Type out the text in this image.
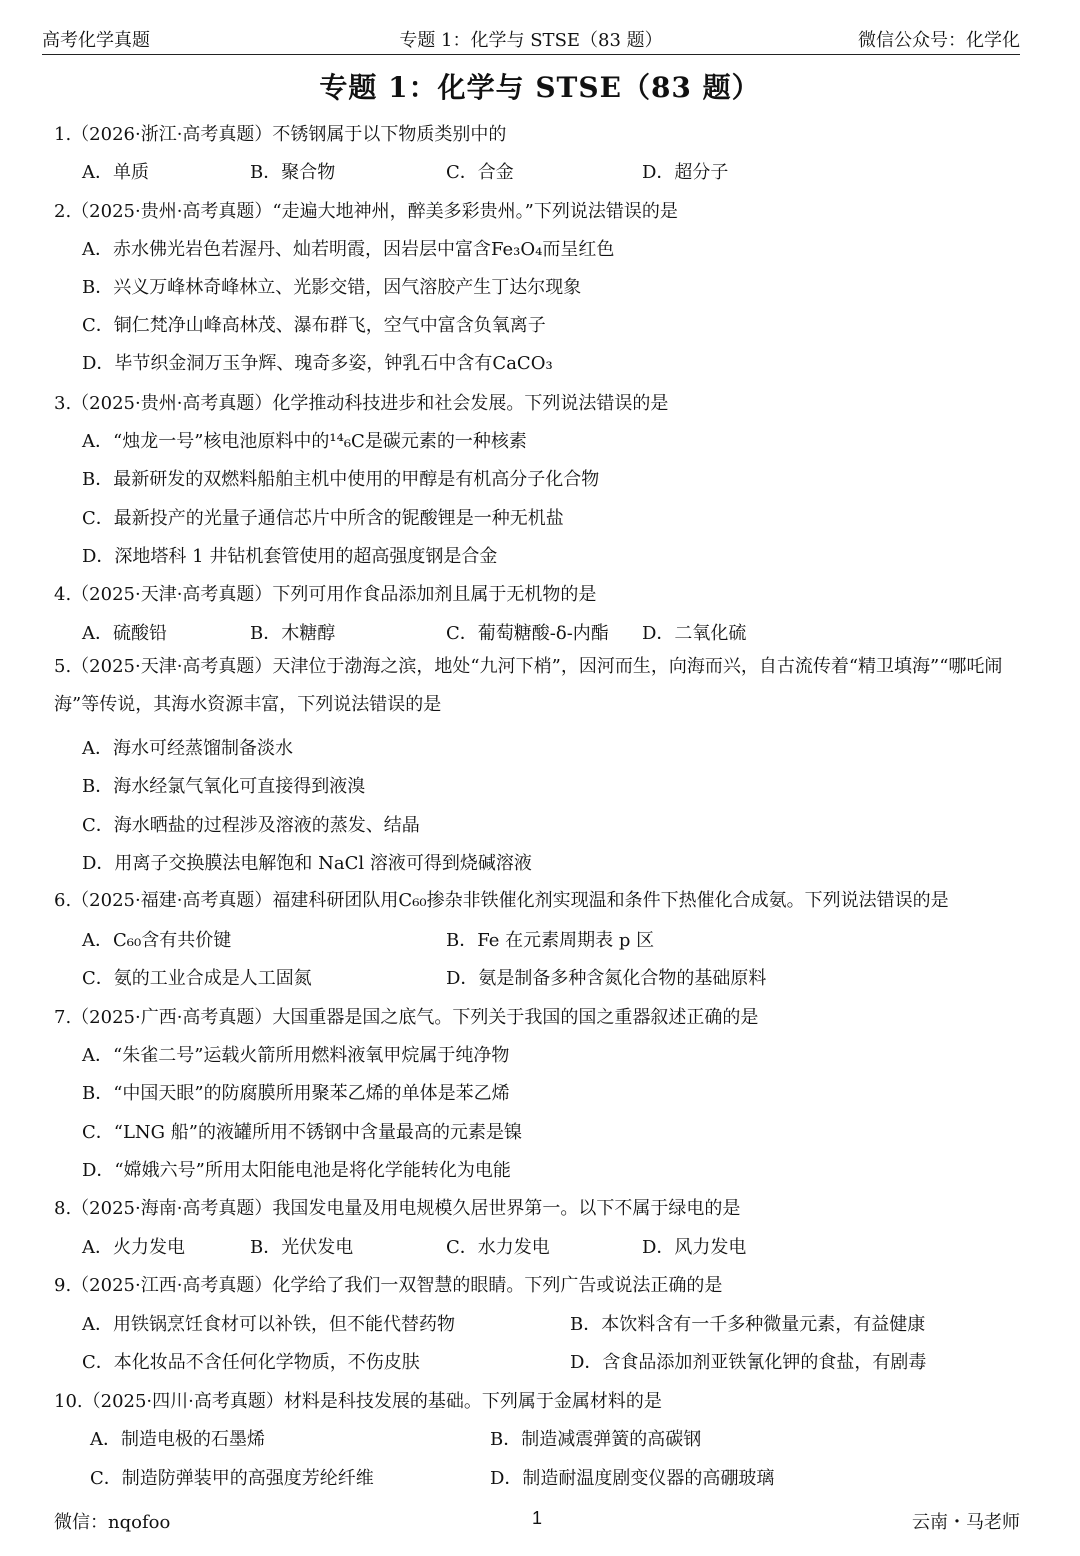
高考化学真题	专题 1：化学与 STSE（83 题）	微信公众号：化学化
专题 1：化学与 STSE（83 题）
1.（2026·浙江·高考真题）不锈钢属于以下物质类别中的
A．单质	B．聚合物	C．合金	D．超分子
2.（2025·贵州·高考真题）“走遍大地神州，醉美多彩贵州。”下列说法错误的是
A．赤水佛光岩色若渥丹、灿若明霞，因岩层中富含Fe₃O₄而呈红色
B．兴义万峰林奇峰林立、光影交错，因气溶胶产生丁达尔现象
C．铜仁梵净山峰高林茂、瀑布群飞，空气中富含负氧离子
D．毕节织金洞万玉争辉、瑰奇多姿，钟乳石中含有CaCO₃
3.（2025·贵州·高考真题）化学推动科技进步和社会发展。下列说法错误的是
A．“烛龙一号”核电池原料中的¹⁴₆C是碳元素的一种核素
B．最新研发的双燃料船舶主机中使用的甲醇是有机高分子化合物
C．最新投产的光量子通信芯片中所含的铌酸锂是一种无机盐
D．深地塔科 1 井钻机套管使用的超高强度钢是合金
4.（2025·天津·高考真题）下列可用作食品添加剂且属于无机物的是
A．硫酸铅	B．木糖醇	C．葡萄糖酸-δ-内酯 D．二氧化硫
5.（2025·天津·高考真题）天津位于渤海之滨，地处“九河下梢”，因河而生，向海而兴，自古流传着“精卫填海”“哪吒闹海”等传说，其海水资源丰富，下列说法错误的是
A．海水可经蒸馏制备淡水
B．海水经氯气氧化可直接得到液溴
C．海水晒盐的过程涉及溶液的蒸发、结晶
D．用离子交换膜法电解饱和 NaCl 溶液可得到烧碱溶液
6.（2025·福建·高考真题）福建科研团队用C₆₀掺杂非铁催化剂实现温和条件下热催化合成氨。下列说法错误的是
A．C₆₀含有共价键	B．Fe 在元素周期表 p 区
C．氨的工业合成是人工固氮	D．氨是制备多种含氮化合物的基础原料
7.（2025·广西·高考真题）大国重器是国之底气。下列关于我国的国之重器叙述正确的是
A．“朱雀二号”运载火箭所用燃料液氧甲烷属于纯净物
B．“中国天眼”的防腐膜所用聚苯乙烯的单体是苯乙烯
C．“LNG 船”的液罐所用不锈钢中含量最高的元素是镍
D．“嫦娥六号”所用太阳能电池是将化学能转化为电能
8.（2025·海南·高考真题）我国发电量及用电规模久居世界第一。以下不属于绿电的是
A．火力发电	B．光伏发电	C．水力发电	D．风力发电
9.（2025·江西·高考真题）化学给了我们一双智慧的眼睛。下列广告或说法正确的是
A．用铁锅烹饪食材可以补铁，但不能代替药物	B．本饮料含有一千多种微量元素，有益健康
C．本化妆品不含任何化学物质，不伤皮肤	D．含食品添加剂亚铁氰化钾的食盐，有剧毒
10.（2025·四川·高考真题）材料是科技发展的基础。下列属于金属材料的是
A．制造电极的石墨烯	B．制造减震弹簧的高碳钢
C．制造防弹装甲的高强度芳纶纤维	D．制造耐温度剧变仪器的高硼玻璃
微信：nqofoo	1	云南・马老师
